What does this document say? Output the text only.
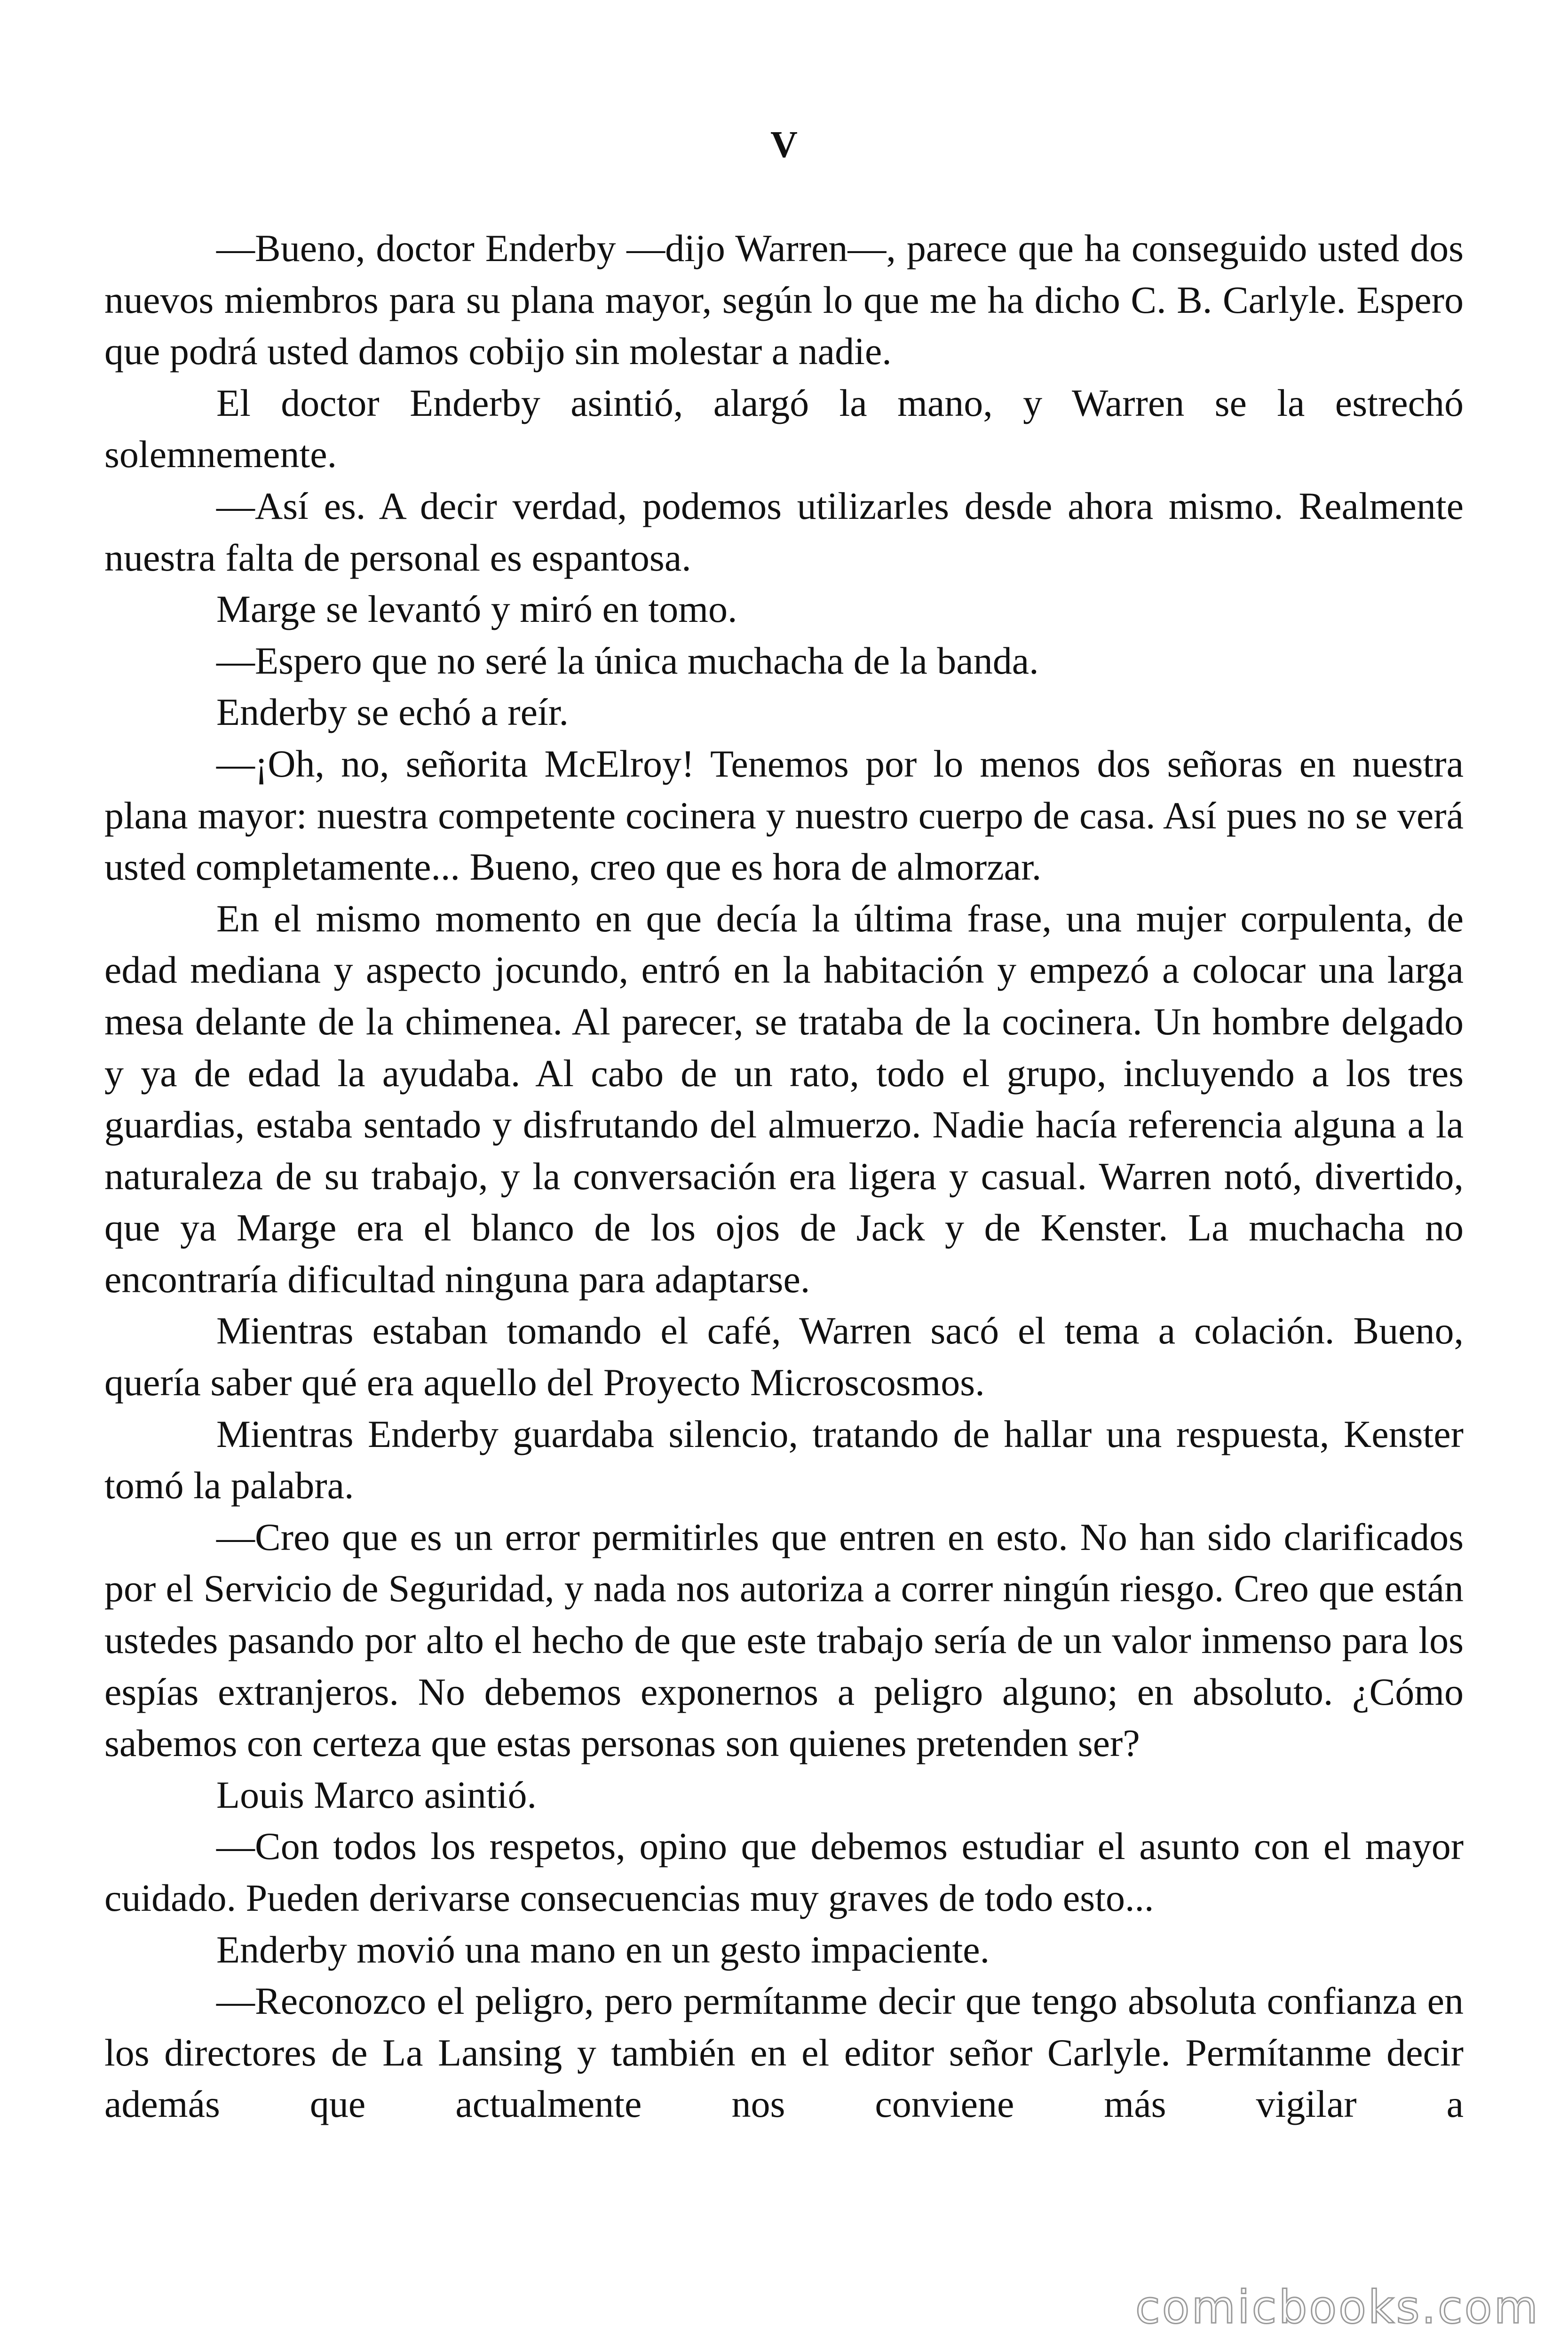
V

—Bueno, doctor Enderby —dijo Warren—, parece que ha conseguido usted dos nuevos miembros para su plana mayor, según lo que me ha dicho C. B. Carlyle. Espero que podrá usted damos cobijo sin molestar a nadie.

El doctor Enderby asintió, alargó la mano, y Warren se la estrechó solemnemente.

—Así es. A decir verdad, podemos utilizarles desde ahora mismo. Realmente nuestra falta de personal es espantosa.

Marge se levantó y miró en tomo.

—Espero que no seré la única muchacha de la banda.

Enderby se echó a reír.

—¡Oh, no, señorita McElroy! Tenemos por lo menos dos señoras en nuestra plana mayor: nuestra competente cocinera y nuestro cuerpo de casa. Así pues no se verá usted completamente... Bueno, creo que es hora de almorzar.

En el mismo momento en que decía la última frase, una mujer corpulenta, de edad mediana y aspecto jocundo, entró en la habitación y empezó a colocar una larga mesa delante de la chimenea. Al parecer, se trataba de la cocinera. Un hombre delgado y ya de edad la ayudaba. Al cabo de un rato, todo el grupo, incluyendo a los tres guardias, estaba sentado y disfrutando del almuerzo. Nadie hacía referencia alguna a la naturaleza de su trabajo, y la conversación era ligera y casual. Warren notó, divertido, que ya Marge era el blanco de los ojos de Jack y de Kenster. La muchacha no encontraría dificultad ninguna para adaptarse.

Mientras estaban tomando el café, Warren sacó el tema a colación. Bueno, quería saber qué era aquello del Proyecto Microscosmos.

Mientras Enderby guardaba silencio, tratando de hallar una respuesta, Kenster tomó la palabra.

—Creo que es un error permitirles que entren en esto. No han sido clarificados por el Servicio de Seguridad, y nada nos autoriza a correr ningún riesgo. Creo que están ustedes pasando por alto el hecho de que este trabajo sería de un valor inmenso para los espías extranjeros. No debemos exponernos a peligro alguno; en absoluto. ¿Cómo sabemos con certeza que estas personas son quienes pretenden ser?

Louis Marco asintió.

—Con todos los respetos, opino que debemos estudiar el asunto con el mayor cuidado. Pueden derivarse consecuencias muy graves de todo esto...

Enderby movió una mano en un gesto impaciente.

—Reconozco el peligro, pero permítanme decir que tengo absoluta confianza en los directores de La Lansing y también en el editor señor Carlyle. Permítanme decir además que actualmente nos conviene más vigilar a

comicbooks.com
